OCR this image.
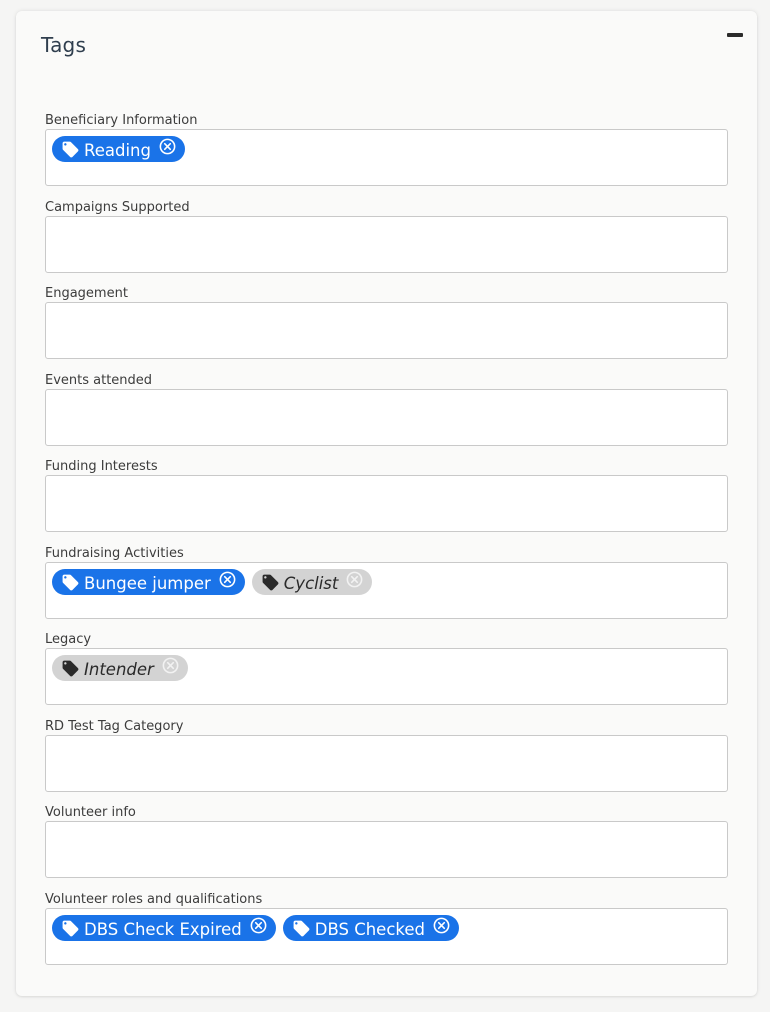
Tags
Beneficiary Information
Reading
Campaigns Supported
Engagement
Events attended
Funding Interests
Fundraising Activities
Bungee jumper	Cyclist
Legacy
Intender
RD Test Tag Category
Volunteer info
Volunteer roles and qualifications
DBS Check Expired	DBS Checked
